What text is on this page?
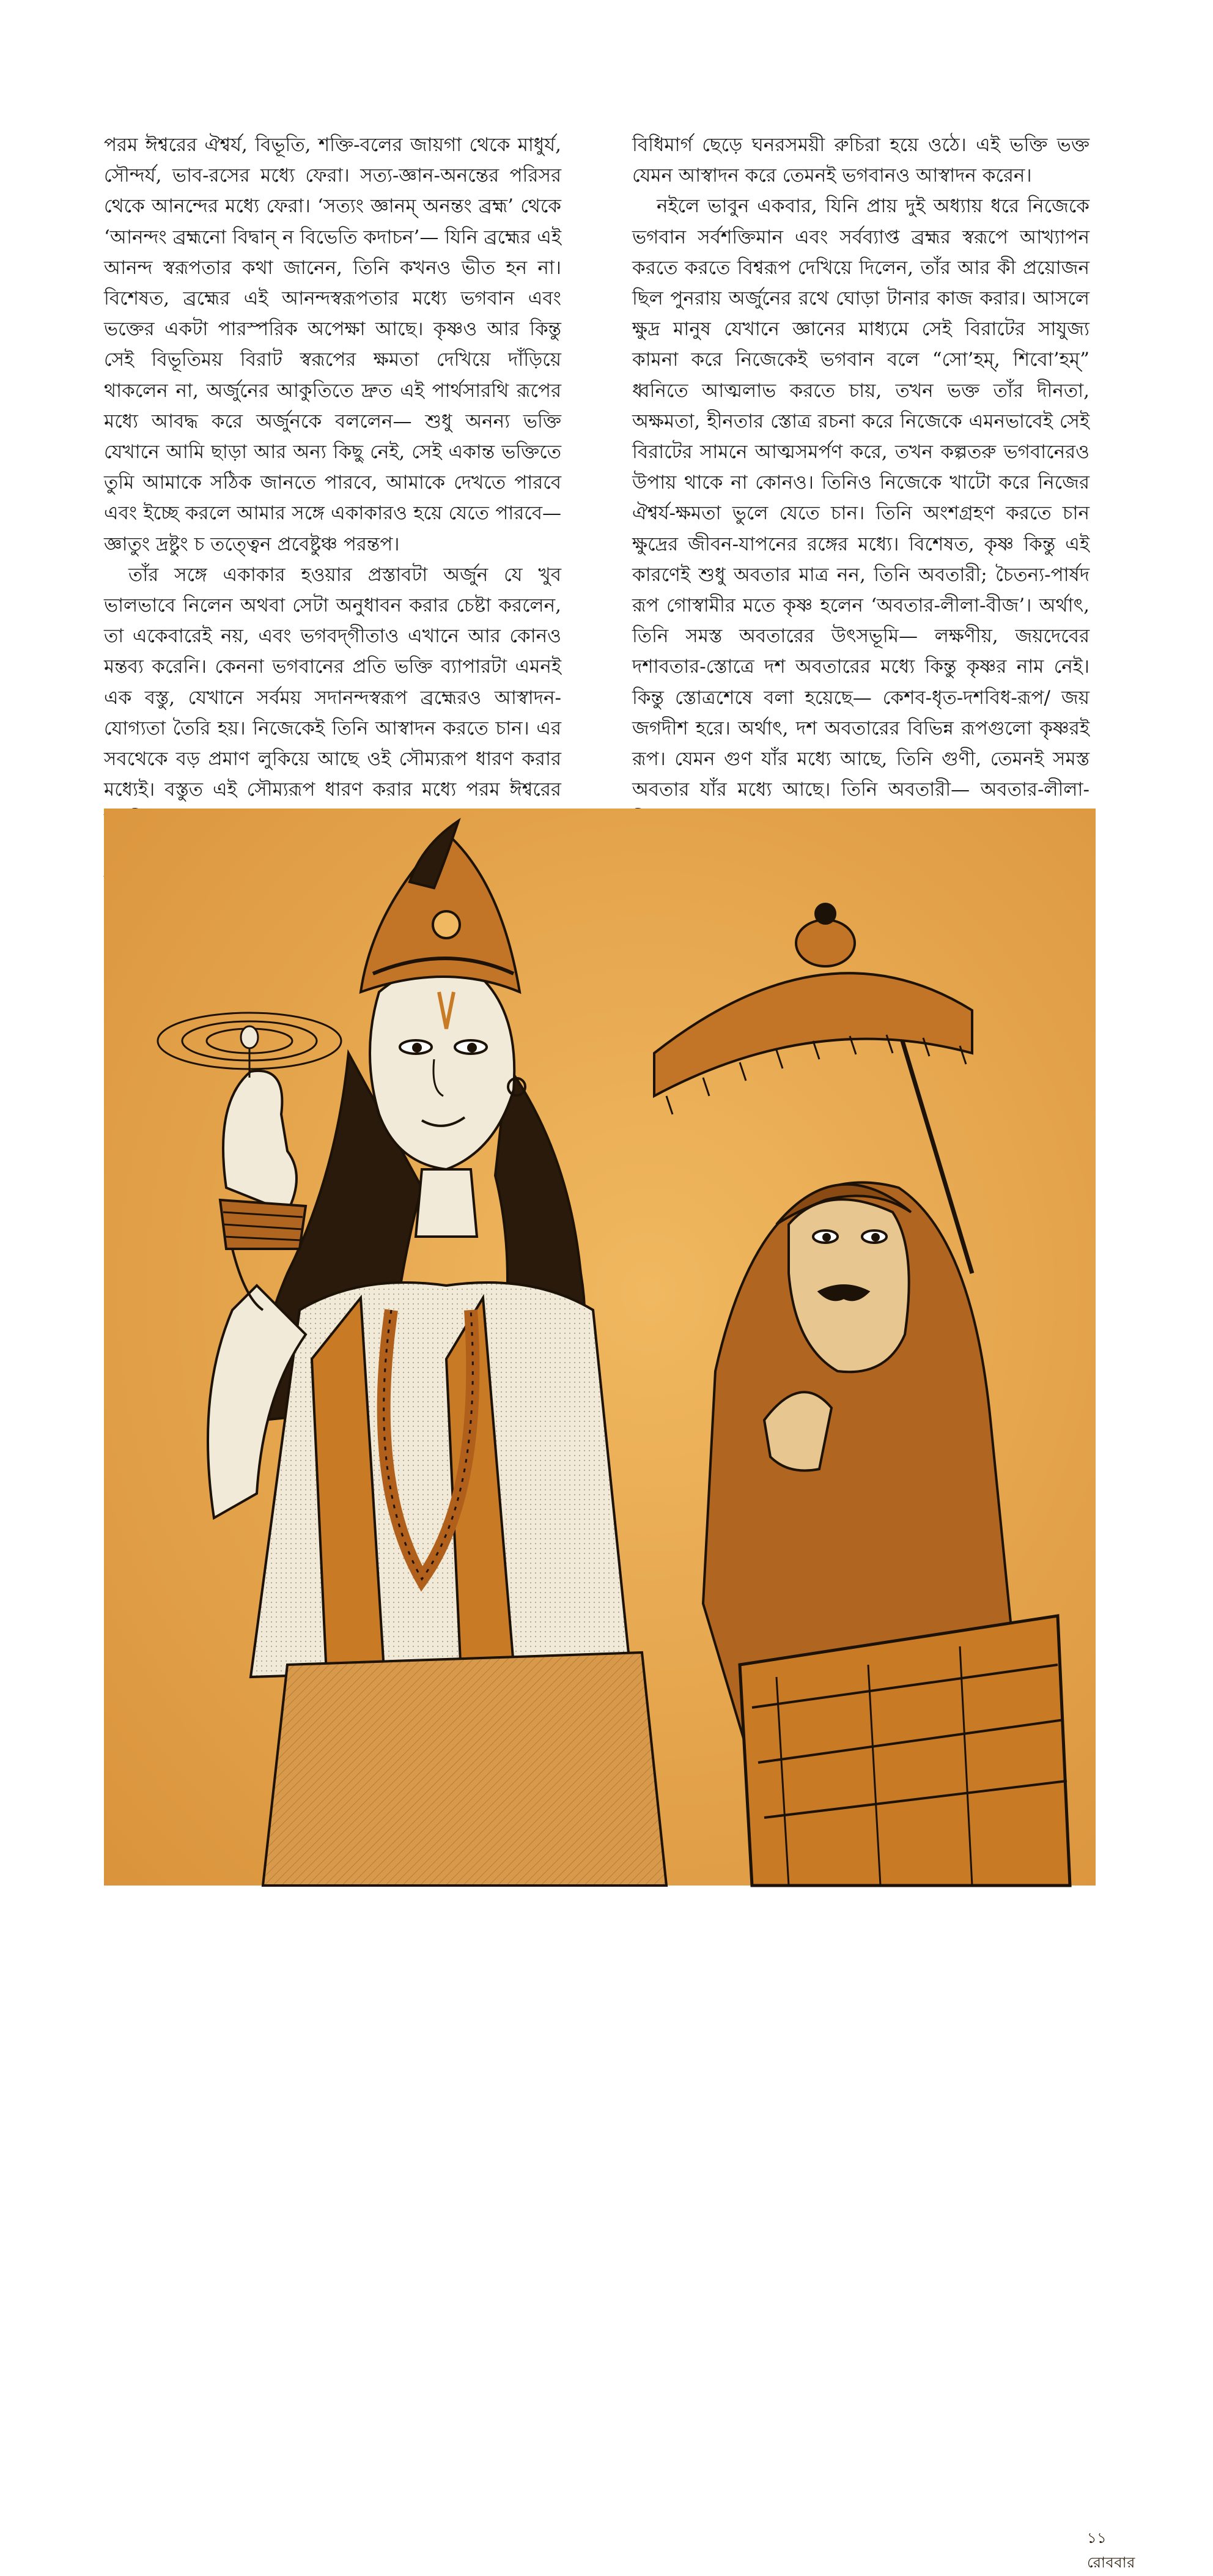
পরম ঈশ্বরের ঐশ্বর্য, বিভূতি, শক্তি-বলের জায়গা থেকে মাধুর্য, সৌন্দর্য, ভাব-রসের মধ্যে ফেরা। সত্য-জ্ঞান-অনন্তের পরিসর থেকে আনন্দের মধ্যে ফেরা। ‘সত্যং জ্ঞানম্‌ অনন্তং ব্রহ্ম’ থেকে ‘আনন্দং ব্রহ্মনো বিদ্বান্‌ ন বিভেতি কদাচন’— যিনি ব্রহ্মের এই আনন্দ স্বরূপতার কথা জানেন, তিনি কখনও ভীত হন না। বিশেষত, ব্রহ্মের এই আনন্দস্বরূপতার মধ্যে ভগবান এবং ভক্তের একটা পারস্পরিক অপেক্ষা আছে। কৃষ্ণও আর কিন্তু সেই বিভূতিময় বিরাট স্বরূপের ক্ষমতা দেখিয়ে দাঁড়িয়ে থাকলেন না, অর্জুনের আকুতিতে দ্রুত এই পার্থসারথি রূপের মধ্যে আবদ্ধ করে অর্জুনকে বললেন— শুধু অনন্য ভক্তি যেখানে আমি ছাড়া আর অন্য কিছু নেই, সেই একান্ত ভক্তিতে তুমি আমাকে সঠিক জানতে পারবে, আমাকে দেখতে পারবে এবং ইচ্ছে করলে আমার সঙ্গে একাকারও হয়ে যেতে পারবে— জ্ঞাতুং দ্রষ্টুং চ তত্ত্বেন প্রবেষ্টুঞ্চ পরন্তপ।

তাঁর সঙ্গে একাকার হওয়ার প্রস্তাবটা অর্জুন যে খুব ভালভাবে নিলেন অথবা সেটা অনুধাবন করার চেষ্টা করলেন, তা একেবারেই নয়, এবং ভগবদ্‌গীতাও এখানে আর কোনও মন্তব্য করেনি। কেননা ভগবানের প্রতি ভক্তি ব্যাপারটা এমনই এক বস্তু, যেখানে সর্বময় সদানন্দস্বরূপ ব্রহ্মেরও আস্বাদন-যোগ্যতা তৈরি হয়। নিজেকেই তিনি আস্বাদন করতে চান। এর সবথেকে বড় প্রমাণ লুকিয়ে আছে ওই সৌম্যরূপ ধারণ করার মধ্যেই। বস্তুত এই সৌম্যরূপ ধারণ করার মধ্যে পরম ঈশ্বরের

বিধিমার্গ ছেড়ে ঘনরসময়ী রুচিরা হয়ে ওঠে। এই ভক্তি ভক্ত যেমন আস্বাদন করে তেমনই ভগবানও আস্বাদন করেন।

নইলে ভাবুন একবার, যিনি প্রায় দুই অধ্যায় ধরে নিজেকে ভগবান সর্বশক্তিমান এবং সর্বব্যাপ্ত ব্রহ্মর স্বরূপে আখ্যাপন করতে করতে বিশ্বরূপ দেখিয়ে দিলেন, তাঁর আর কী প্রয়োজন ছিল পুনরায় অর্জুনের রথে ঘোড়া টানার কাজ করার। আসলে ক্ষুদ্র মানুষ যেখানে জ্ঞানের মাধ্যমে সেই বিরাটের সাযুজ্য কামনা করে নিজেকেই ভগবান বলে “সো’হম্‌, শিবো’হম্‌” ধ্বনিতে আত্মলাভ করতে চায়, তখন ভক্ত তাঁর দীনতা, অক্ষমতা, হীনতার স্তোত্র রচনা করে নিজেকে এমনভাবেই সেই বিরাটের সামনে আত্মসমর্পণ করে, তখন কল্পতরু ভগবানেরও উপায় থাকে না কোনও। তিনিও নিজেকে খাটো করে নিজের ঐশ্বর্য-ক্ষমতা ভুলে যেতে চান। তিনি অংশগ্রহণ করতে চান ক্ষুদ্রের জীবন-যাপনের রঙ্গের মধ্যে। বিশেষত, কৃষ্ণ কিন্তু এই কারণেই শুধু অবতার মাত্র নন, তিনি অবতারী; চৈতন্য-পার্ষদ রূপ গোস্বামীর মতে কৃষ্ণ হলেন ‘অবতার-লীলা-বীজ’। অর্থাৎ, তিনি সমস্ত অবতারের উৎসভূমি— লক্ষণীয়, জয়দেবের দশাবতার-স্তোত্রে দশ অবতারের মধ্যে কিন্তু কৃষ্ণর নাম নেই। কিন্তু স্তোত্রশেষে বলা হয়েছে— কেশব-ধৃত-দশবিধ-রূপ/ জয় জগদীশ হরে। অর্থাৎ, দশ অবতারের বিভিন্ন রূপগুলো কৃষ্ণরই রূপ। যেমন গুণ যাঁর মধ্যে আছে, তিনি গুণী, তেমনই সমস্ত অবতার যাঁর মধ্যে আছে। তিনি অবতারী— অবতার-লীলা-

১১ রোববার
